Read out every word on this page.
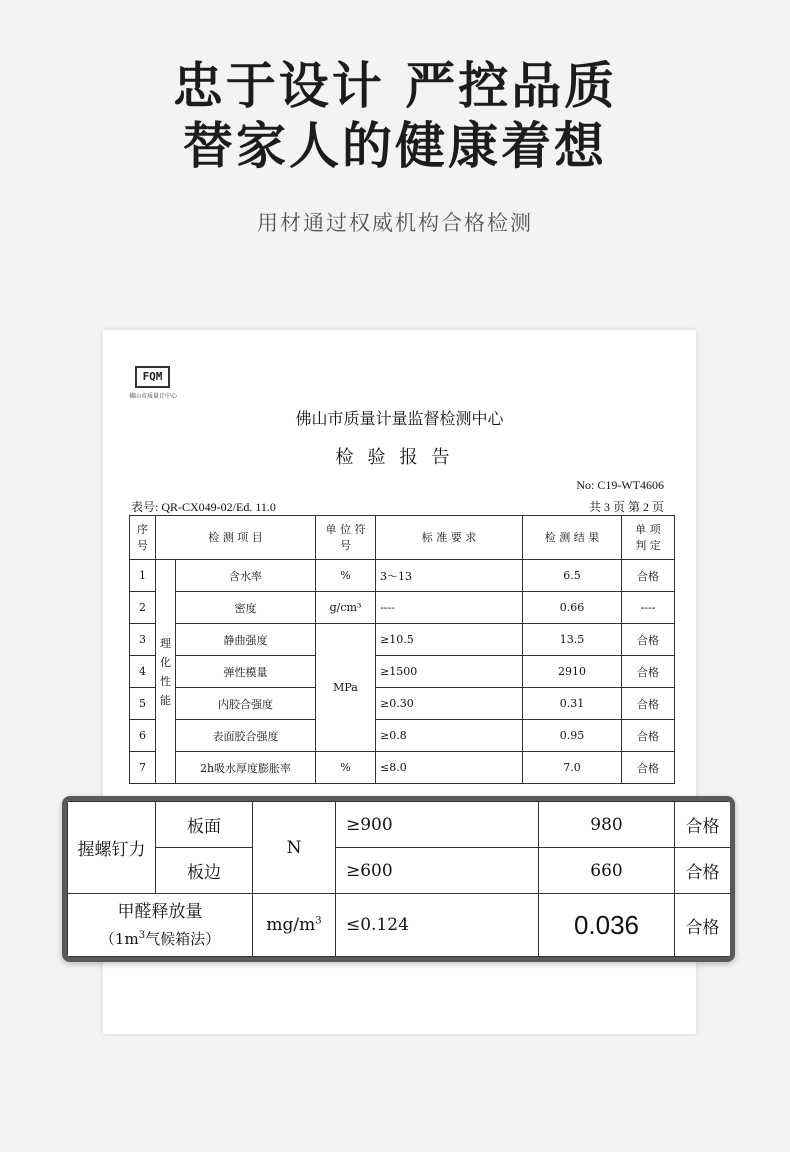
忠于设计 严控品质
替家人的健康着想
用材通过权威机构合格检测
FQM
佛山市质量计中心
佛山市质量计量监督检测中心
检验报告
No: C19-WT4606
表号: QR-CX049-02/Ed. 11.0	共 3 页 第 2 页
序号	检 测 项 目		单 位 符 号	标 准 要 求	检 测 结 果	单 项 判 定

1	理化性能	含水率	%	3～13	6.5	合格
2		密度	g/cm³	----	0.66	----
3		静曲强度	MPa	≥10.5	13.5	合格
4		弹性模量		≥1500	2910	合格
5		内胶合强度		≥0.30	0.31	合格
6		表面胶合强度		≥0.8	0.95	合格
7		2h吸水厚度膨胀率	%	≤8.0	7.0	合格
握螺钉力	板面	N	≥900	980	合格
	板边		≥600	660	合格

甲醛释放量
（$1m^3$气候箱法）		$mg/m^3$	≤0.124	0.036	合格
